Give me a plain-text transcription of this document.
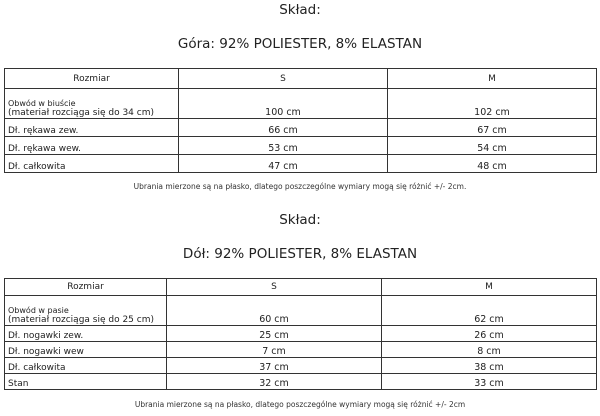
Skład:
Góra: 92% POLIESTER, 8% ELASTAN
Rozmiar	S	M

Obwód w biuście
(materiał rozciąga się do 34 cm)	100 cm	102 cm
Dł. rękawa zew.	66 cm	67 cm
Dł. rękawa wew.	53 cm	54 cm
Dł. całkowita	47 cm	48 cm
Ubrania mierzone są na płasko, dlatego poszczególne wymiary mogą się różnić +/- 2cm.
Skład:
Dół: 92% POLIESTER, 8% ELASTAN
Rozmiar	S	M

Obwód w pasie
(materiał rozciąga się do 25 cm)	60 cm	62 cm
Dł. nogawki zew.	25 cm	26 cm
Dł. nogawki wew	7 cm	8 cm
Dł. całkowita	37 cm	38 cm
Stan	32 cm	33 cm
Ubrania mierzone są na płasko, dlatego poszczególne wymiary mogą się różnić +/- 2cm
